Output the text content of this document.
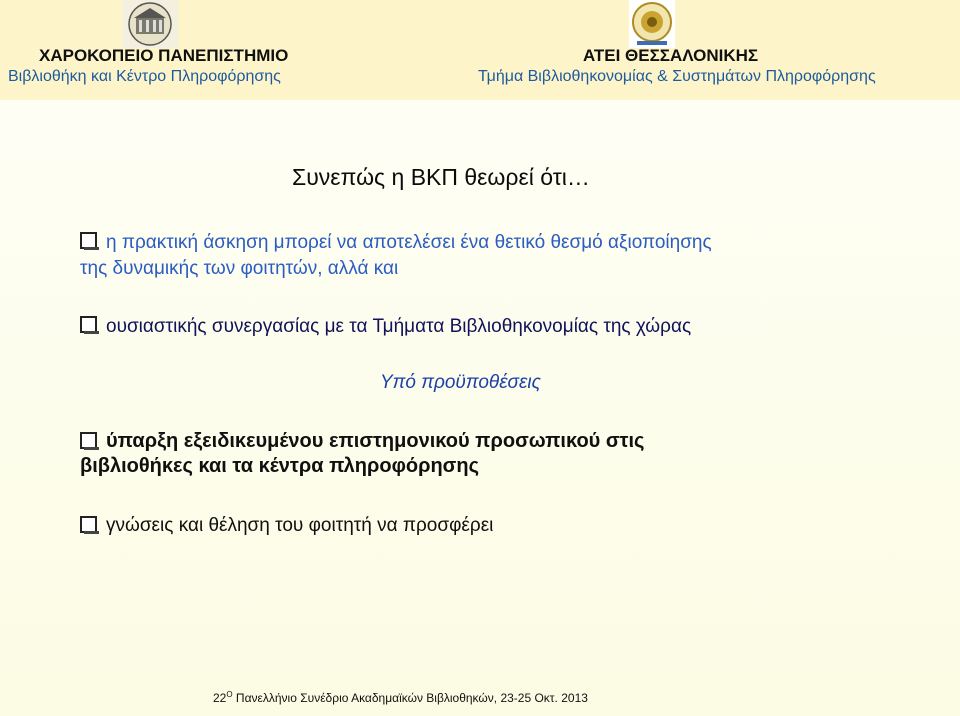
ΧΑΡΟΚΟΠΕΙΟ ΠΑΝΕΠΙΣΤΗΜΙΟ
Βιβλιοθήκη και Κέντρο Πληροφόρησης
ΑΤΕΙ ΘΕΣΣΑΛΟΝΙΚΗΣ
Τμήμα Βιβλιοθηκονομίας & Συστημάτων Πληροφόρησης
Συνεπώς η ΒΚΠ θεωρεί ότι…
η πρακτική άσκηση μπορεί να αποτελέσει ένα θετικό θεσμό αξιοποίησης
της δυναμικής των φοιτητών, αλλά και
ουσιαστικής συνεργασίας με τα Τμήματα Βιβλιοθηκονομίας της χώρας
Υπό προϋποθέσεις
ύπαρξη εξειδικευμένου επιστημονικού προσωπικού στις
βιβλιοθήκες και τα κέντρα πληροφόρησης
γνώσεις και θέληση του φοιτητή να προσφέρει
$22^O$ Πανελλήνιο Συνέδριο Ακαδημαϊκών Βιβλιοθηκών, 23-25 Οκτ. 2013
